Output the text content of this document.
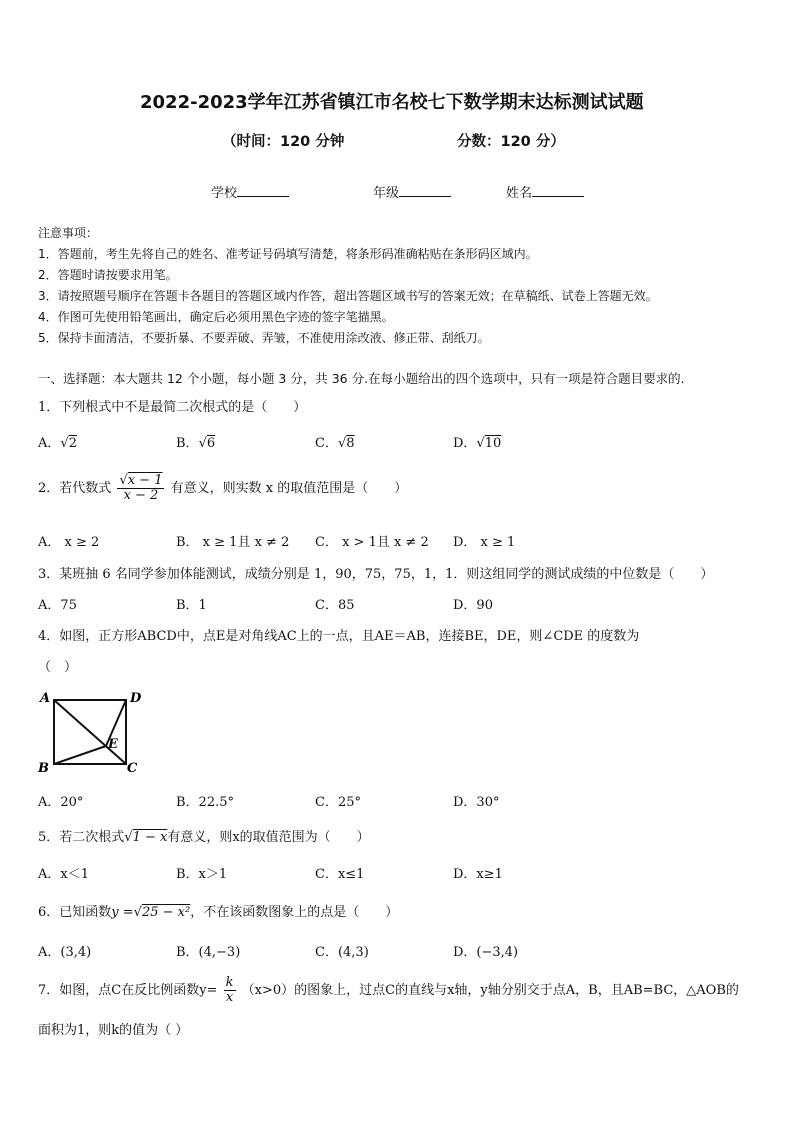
2022-2023学年江苏省镇江市名校七下数学期末达标测试试题
（时间：120 分钟	分数：120 分）
学校	年级	姓名
注意事项：
1．答题前，考生先将自己的姓名、准考证号码填写清楚，将条形码准确粘贴在条形码区域内。
2．答题时请按要求用笔。
3．请按照题号顺序在答题卡各题目的答题区域内作答，超出答题区域书写的答案无效；在草稿纸、试卷上答题无效。
4．作图可先使用铅笔画出，确定后必须用黑色字迹的签字笔描黑。
5．保持卡面清洁，不要折暴、不要弄破、弄皱，不准使用涂改液、修正带、刮纸刀。
一、选择题：本大题共 12 个小题，每小题 3 分，共 36 分.在每小题给出的四个选项中，只有一项是符合题目要求的.
1．下列根式中不是最简二次根式的是（　　）
A．√2	B．√6	C．√8	D．√10
2．若代数式 $\frac{√x - 1}{x - 2}$ 有意义，则实数 x 的取值范围是（　　）
A． x ≥ 2	B． x ≥ 1且 x ≠ 2 C． x > 1且 x ≠ 2 D． x ≥ 1
3．某班抽 6 名同学参加体能测试，成绩分别是 1，90，75，75，1，1．则这组同学的测试成绩的中位数是（　　）
A．75	B．1	C．85	D．90
4．如图，正方形ABCD中，点E是对角线AC上的一点，且AE＝AB，连接BE，DE，则∠CDE 的度数为
（　）
A	D
B	C
E
A．20°	B．22.5°	C．25°	D．30°
5．若二次根式√1 − x有意义，则x的取值范围为（　　）
A．x＜1	B．x＞1	C．x≤1	D．x≥1
6．已知函数y =√25 − x²，不在该函数图象上的点是（　　）
A．(3,4)	B．(4,−3)	C．(4,3)	D．(−3,4)
7．如图，点C在反比例函数$y= \frac{k}{x} (x>0)$的图象上，过点C的直线与x轴，y轴分别交于点A，B，且AB=BC，△AOB的
面积为1，则k的值为（ ）
